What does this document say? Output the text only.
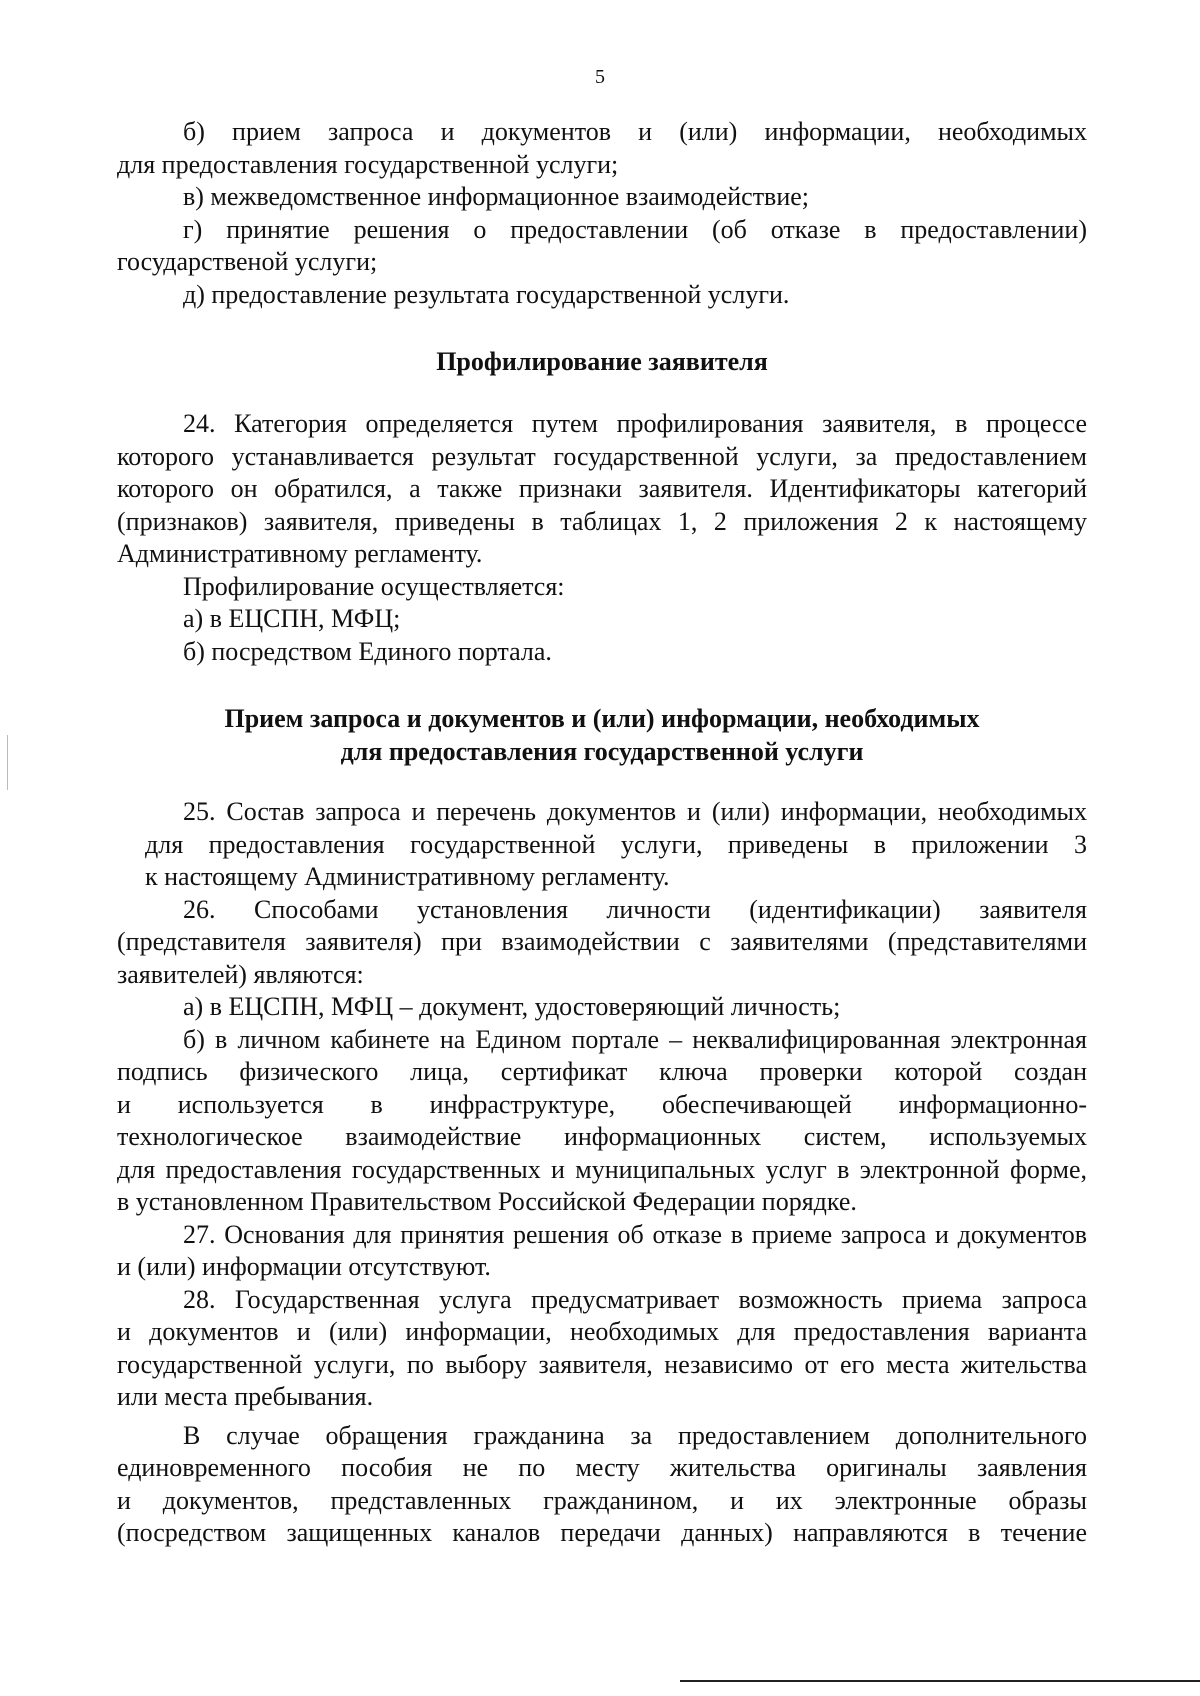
5

б) прием запроса и документов и (или) информации, необходимых

для предоставления государственной услуги;

в) межведомственное информационное взаимодействие;

г) принятие решения о предоставлении (об отказе в предоставлении)

государственой услуги;

д) предоставление результата государственной услуги.

Профилирование заявителя

24. Категория определяется путем профилирования заявителя, в процессе

которого устанавливается результат государственной услуги, за предоставлением

которого он обратился, а также признаки заявителя. Идентификаторы категорий

(признаков) заявителя, приведены в таблицах 1, 2 приложения 2 к настоящему

Административному регламенту.

Профилирование осуществляется:

а) в ЕЦСПН, МФЦ;

б) посредством Единого портала.

Прием запроса и документов и (или) информации, необходимых
для предоставления государственной услуги

25. Состав запроса и перечень документов и (или) информации, необходимых

для предоставления государственной услуги, приведены в приложении 3

к настоящему Административному регламенту.

26. Способами установления личности (идентификации) заявителя

(представителя заявителя) при взаимодействии с заявителями (представителями

заявителей) являются:

а) в ЕЦСПН, МФЦ – документ, удостоверяющий личность;

б) в личном кабинете на Едином портале – неквалифицированная электронная

подпись физического лица, сертификат ключа проверки которой создан

и используется в инфраструктуре, обеспечивающей информационно-

технологическое взаимодействие информационных систем, используемых

для предоставления государственных и муниципальных услуг в электронной форме,

в установленном Правительством Российской Федерации порядке.

27. Основания для принятия решения об отказе в приеме запроса и документов

и (или) информации отсутствуют.

28. Государственная услуга предусматривает возможность приема запроса

и документов и (или) информации, необходимых для предоставления варианта

государственной услуги, по выбору заявителя, независимо от его места жительства

или места пребывания.

В случае обращения гражданина за предоставлением дополнительного

единовременного пособия не по месту жительства оригиналы заявления

и документов, представленных гражданином, и их электронные образы

(посредством защищенных каналов передачи данных) направляются в течение
